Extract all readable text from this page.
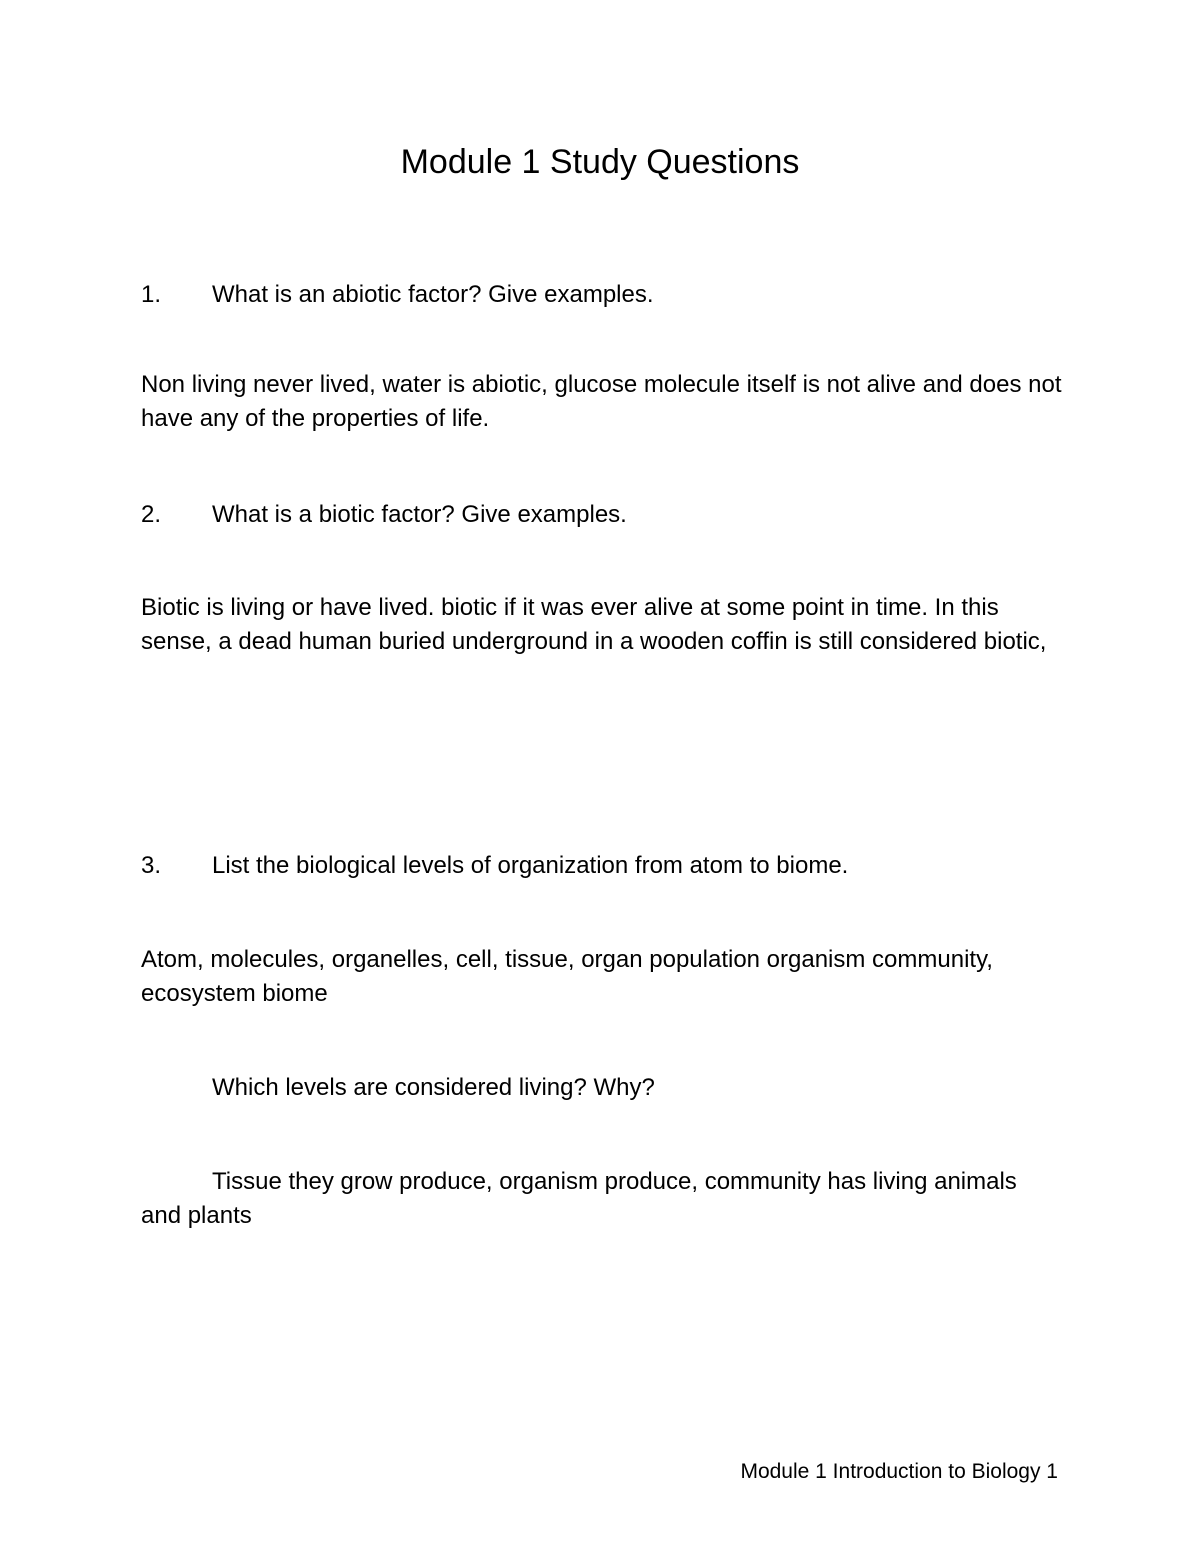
Module 1 Study Questions

1. What is an abiotic factor? Give examples.

Non living never lived, water is abiotic, glucose molecule itself is not alive and does not have any of the properties of life.

2. What is a biotic factor? Give examples.

Biotic is living or have lived. biotic if it was ever alive at some point in time. In this sense, a dead human buried underground in a wooden coffin is still considered biotic,

3. List the biological levels of organization from atom to biome.

Atom, molecules, organelles, cell, tissue, organ population organism community, ecosystem biome

Which levels are considered living? Why?

Tissue they grow produce, organism produce, community has living animals and plants

Module 1 Introduction to Biology 1
